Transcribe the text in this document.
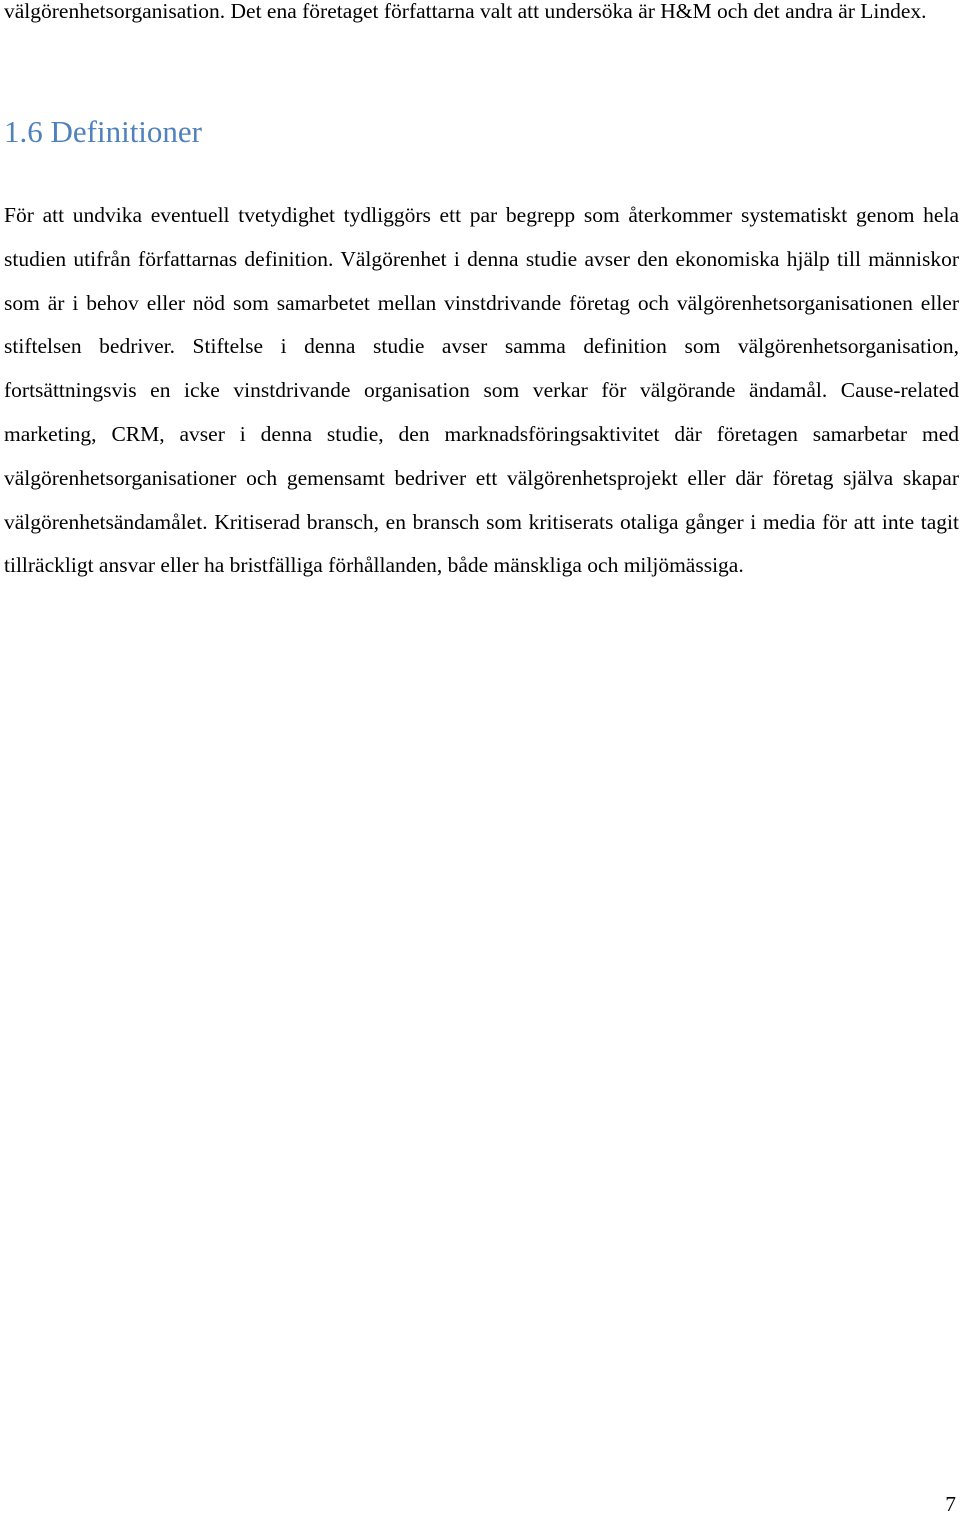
välgörenhetsorganisation. Det ena företaget författarna valt att undersöka är H&M och det andra är Lindex.

1.6 Definitioner

För att undvika eventuell tvetydighet tydliggörs ett par begrepp som återkommer systematiskt genom hela studien utifrån författarnas definition. Välgörenhet i denna studie avser den ekonomiska hjälp till människor som är i behov eller nöd som samarbetet mellan vinstdrivande företag och välgörenhetsorganisationen eller stiftelsen bedriver. Stiftelse i denna studie avser samma definition som välgörenhetsorganisation, fortsättningsvis en icke vinstdrivande organisation som verkar för välgörande ändamål. Cause-related marketing, CRM, avser i denna studie, den marknadsföringsaktivitet där företagen samarbetar med välgörenhetsorganisationer och gemensamt bedriver ett välgörenhetsprojekt eller där företag själva skapar välgörenhetsändamålet. Kritiserad bransch, en bransch som kritiserats otaliga gånger i media för att inte tagit tillräckligt ansvar eller ha bristfälliga förhållanden, både mänskliga och miljömässiga.

7
